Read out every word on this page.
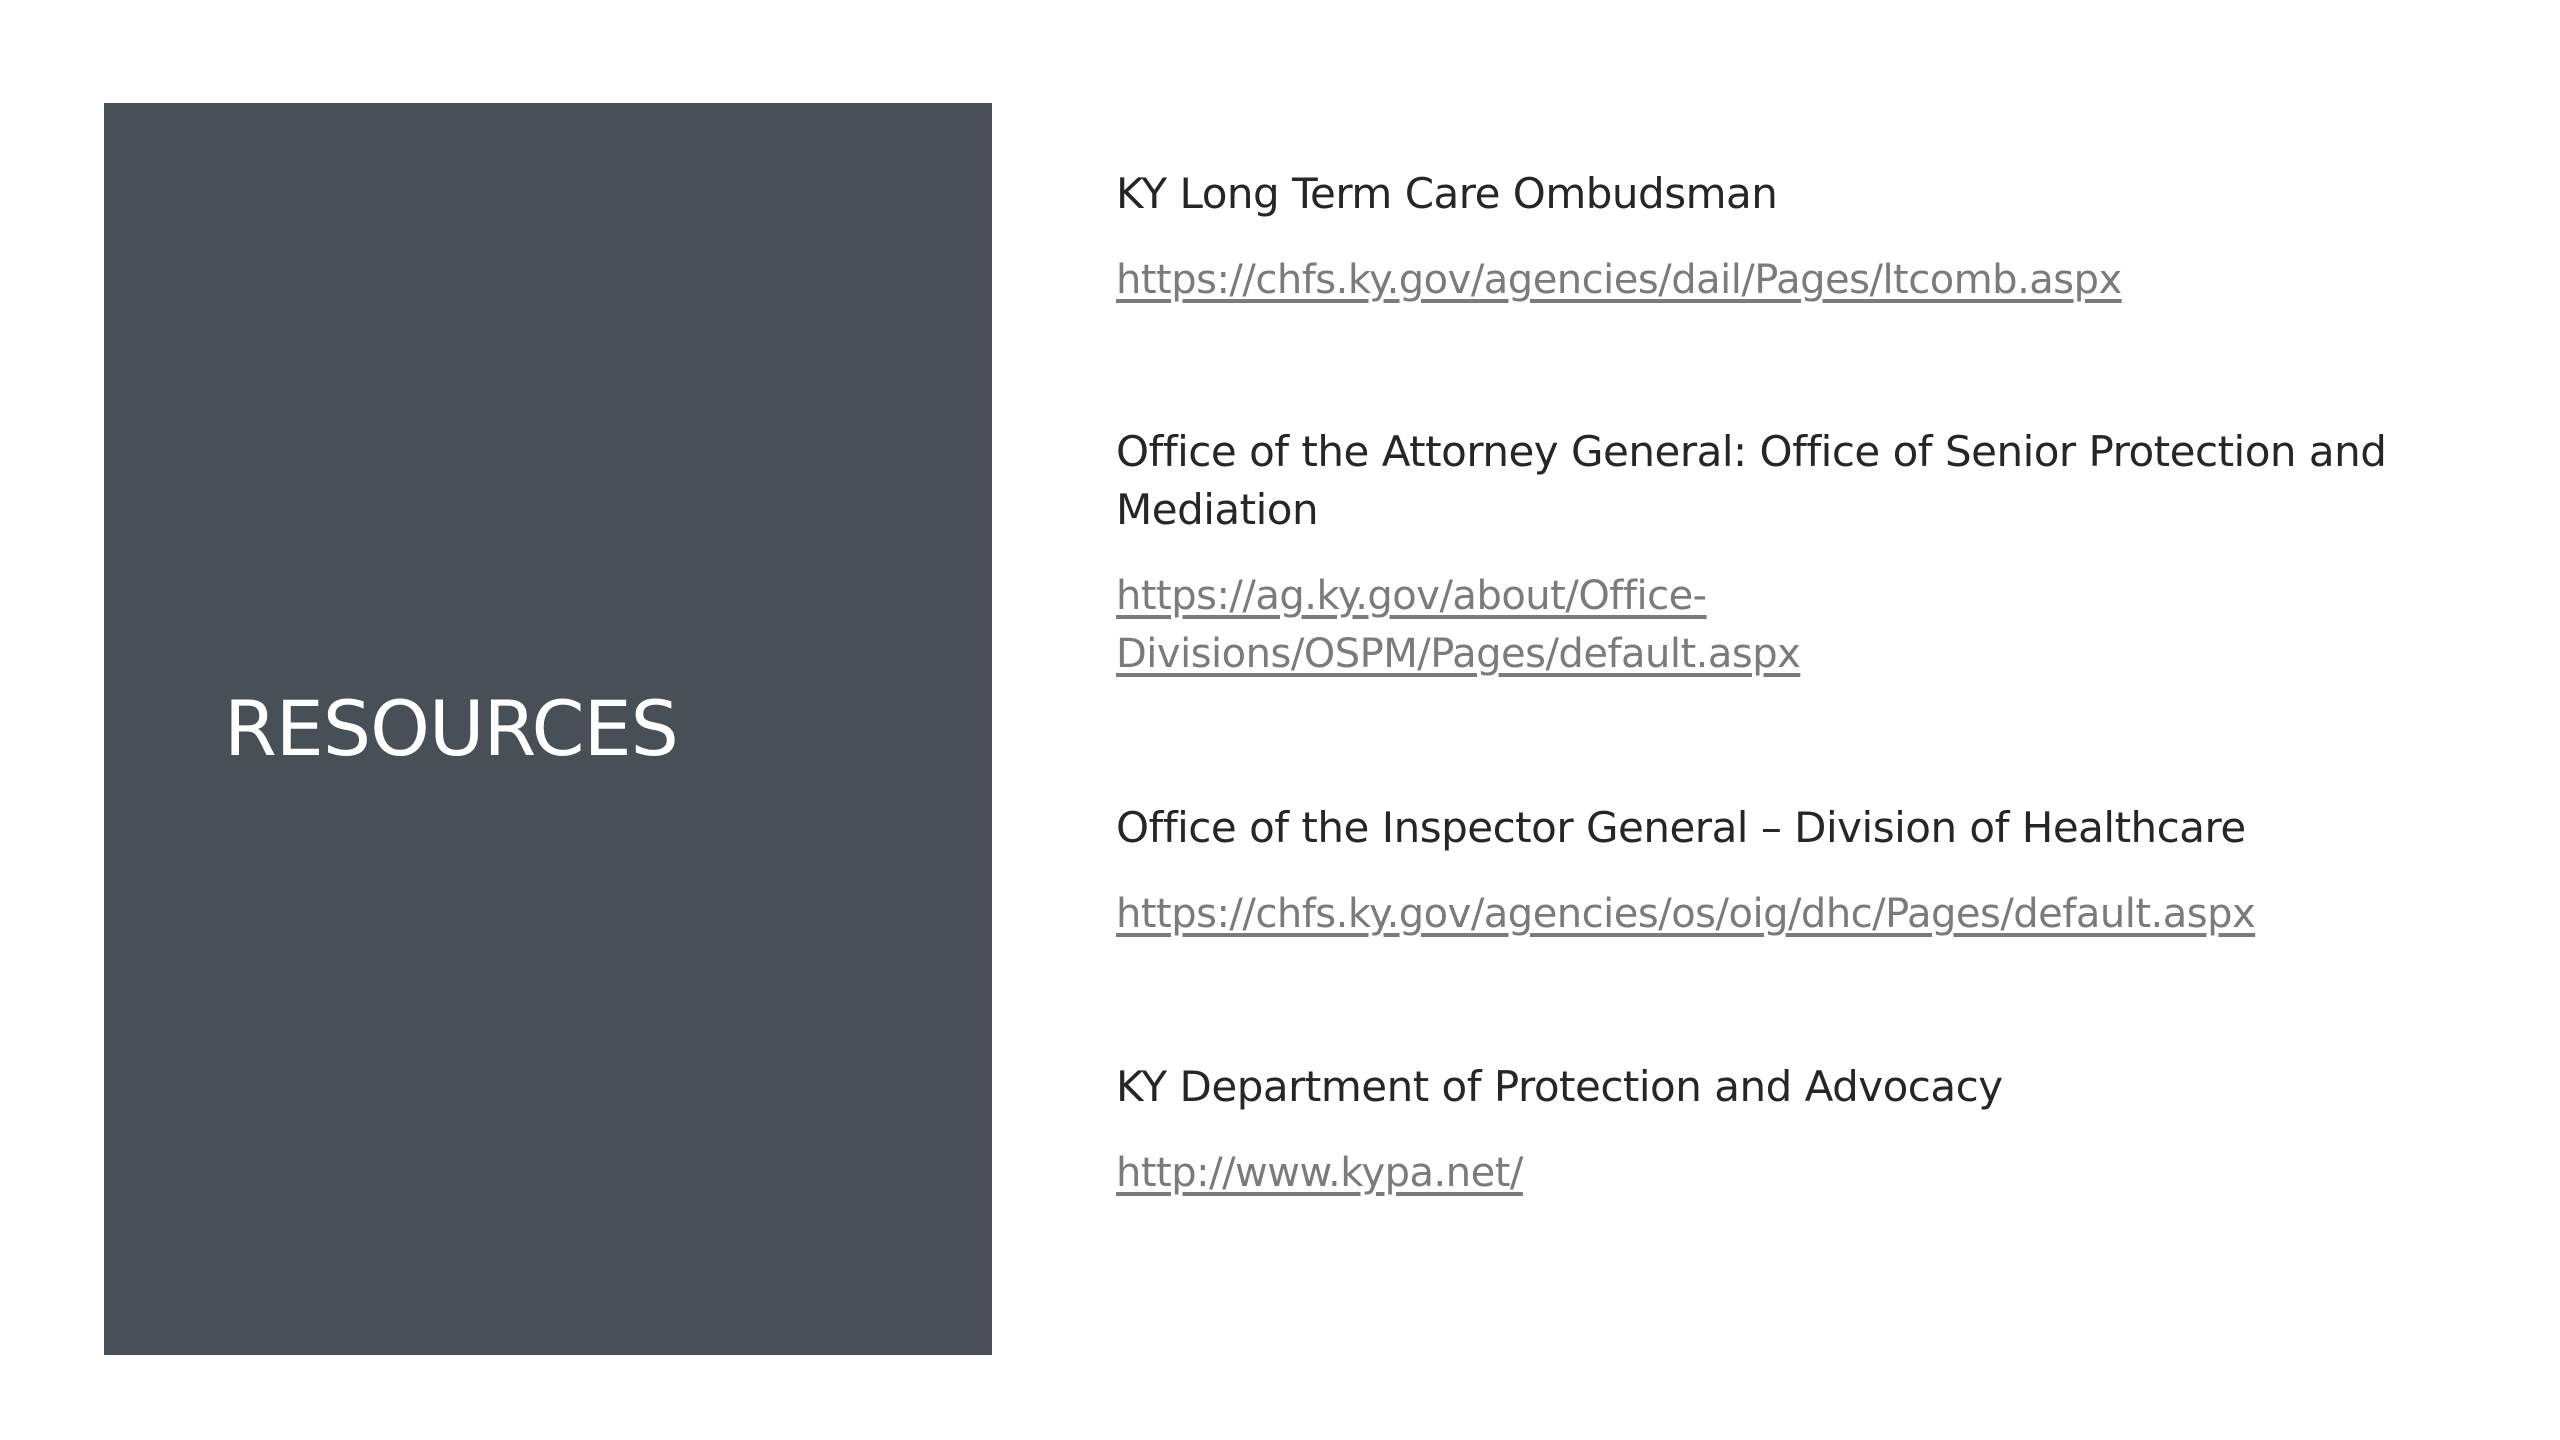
RESOURCES

KY Long Term Care Ombudsman

https://chfs.ky.gov/agencies/dail/Pages/ltcomb.aspx

Office of the Attorney General: Office of Senior Protection and Mediation

https://ag.ky.gov/about/Office-
Divisions/OSPM/Pages/default.aspx

Office of the Inspector General – Division of Healthcare

https://chfs.ky.gov/agencies/os/oig/dhc/Pages/default.aspx

KY Department of Protection and Advocacy

http://www.kypa.net/
